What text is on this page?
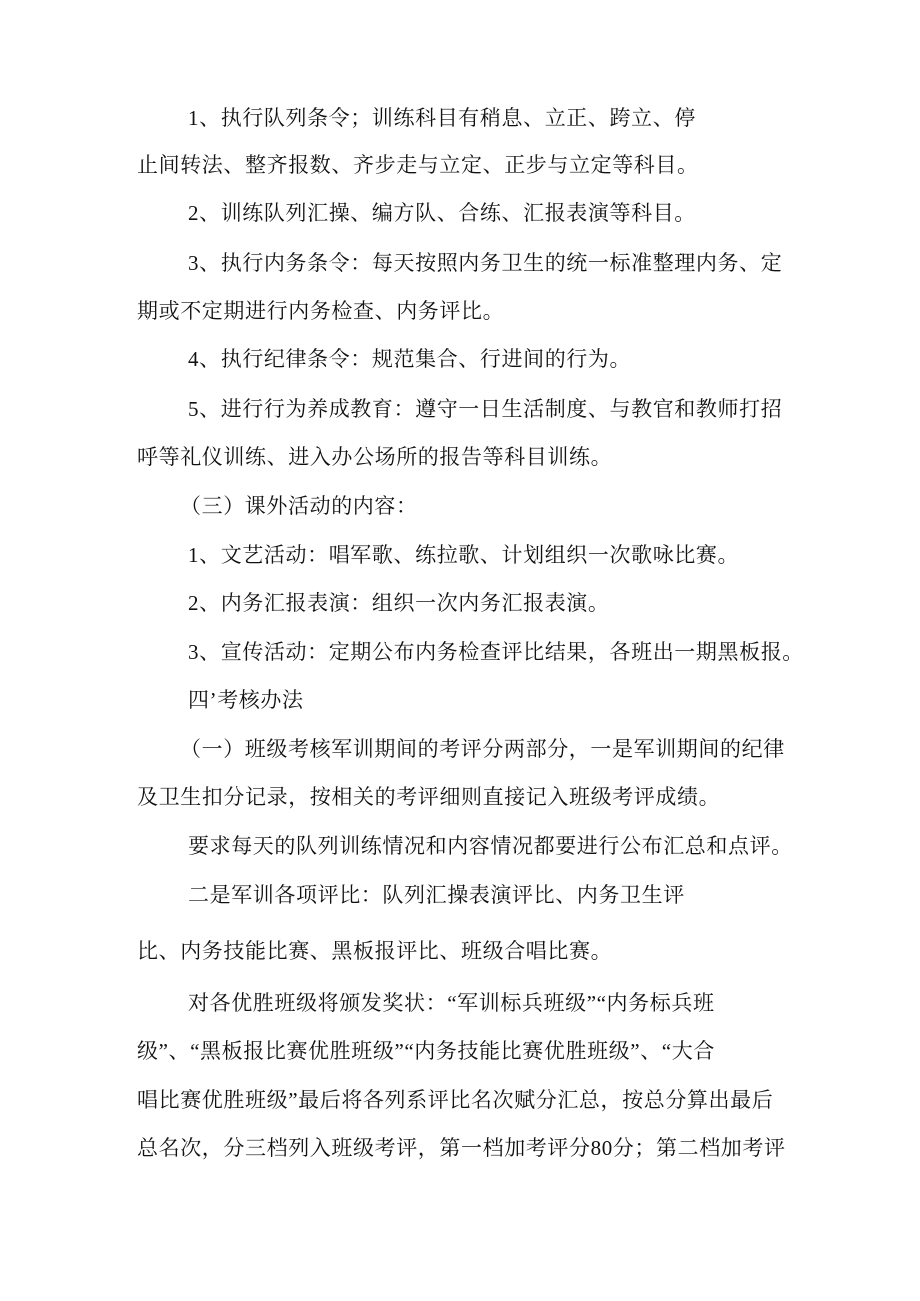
1、执行队列条令；训练科目有稍息、立正、跨立、停
止间转法、整齐报数、齐步走与立定、正步与立定等科目。
2、训练队列汇操、编方队、合练、汇报表演等科目。
3、执行内务条令：每天按照内务卫生的统一标准整理内务、定
期或不定期进行内务检查、内务评比。
4、执行纪律条令：规范集合、行进间的行为。
5、进行行为养成教育：遵守一日生活制度、与教官和教师打招
呼等礼仪训练、进入办公场所的报告等科目训练。
（三）课外活动的内容：
1、文艺活动：唱军歌、练拉歌、计划组织一次歌咏比赛。
2、内务汇报表演：组织一次内务汇报表演。
3、宣传活动：定期公布内务检查评比结果，各班出一期黑板报。
四’考核办法
（一）班级考核军训期间的考评分两部分，一是军训期间的纪律
及卫生扣分记录，按相关的考评细则直接记入班级考评成绩。
要求每天的队列训练情况和内容情况都要进行公布汇总和点评。
二是军训各项评比：队列汇操表演评比、内务卫生评
比、内务技能比赛、黑板报评比、班级合唱比赛。
对各优胜班级将颁发奖状：“军训标兵班级”“内务标兵班
级”、“黑板报比赛优胜班级”“内务技能比赛优胜班级”、“大合
唱比赛优胜班级”最后将各列系评比名次赋分汇总，按总分算出最后
总名次，分三档列入班级考评，第一档加考评分80分；第二档加考评
